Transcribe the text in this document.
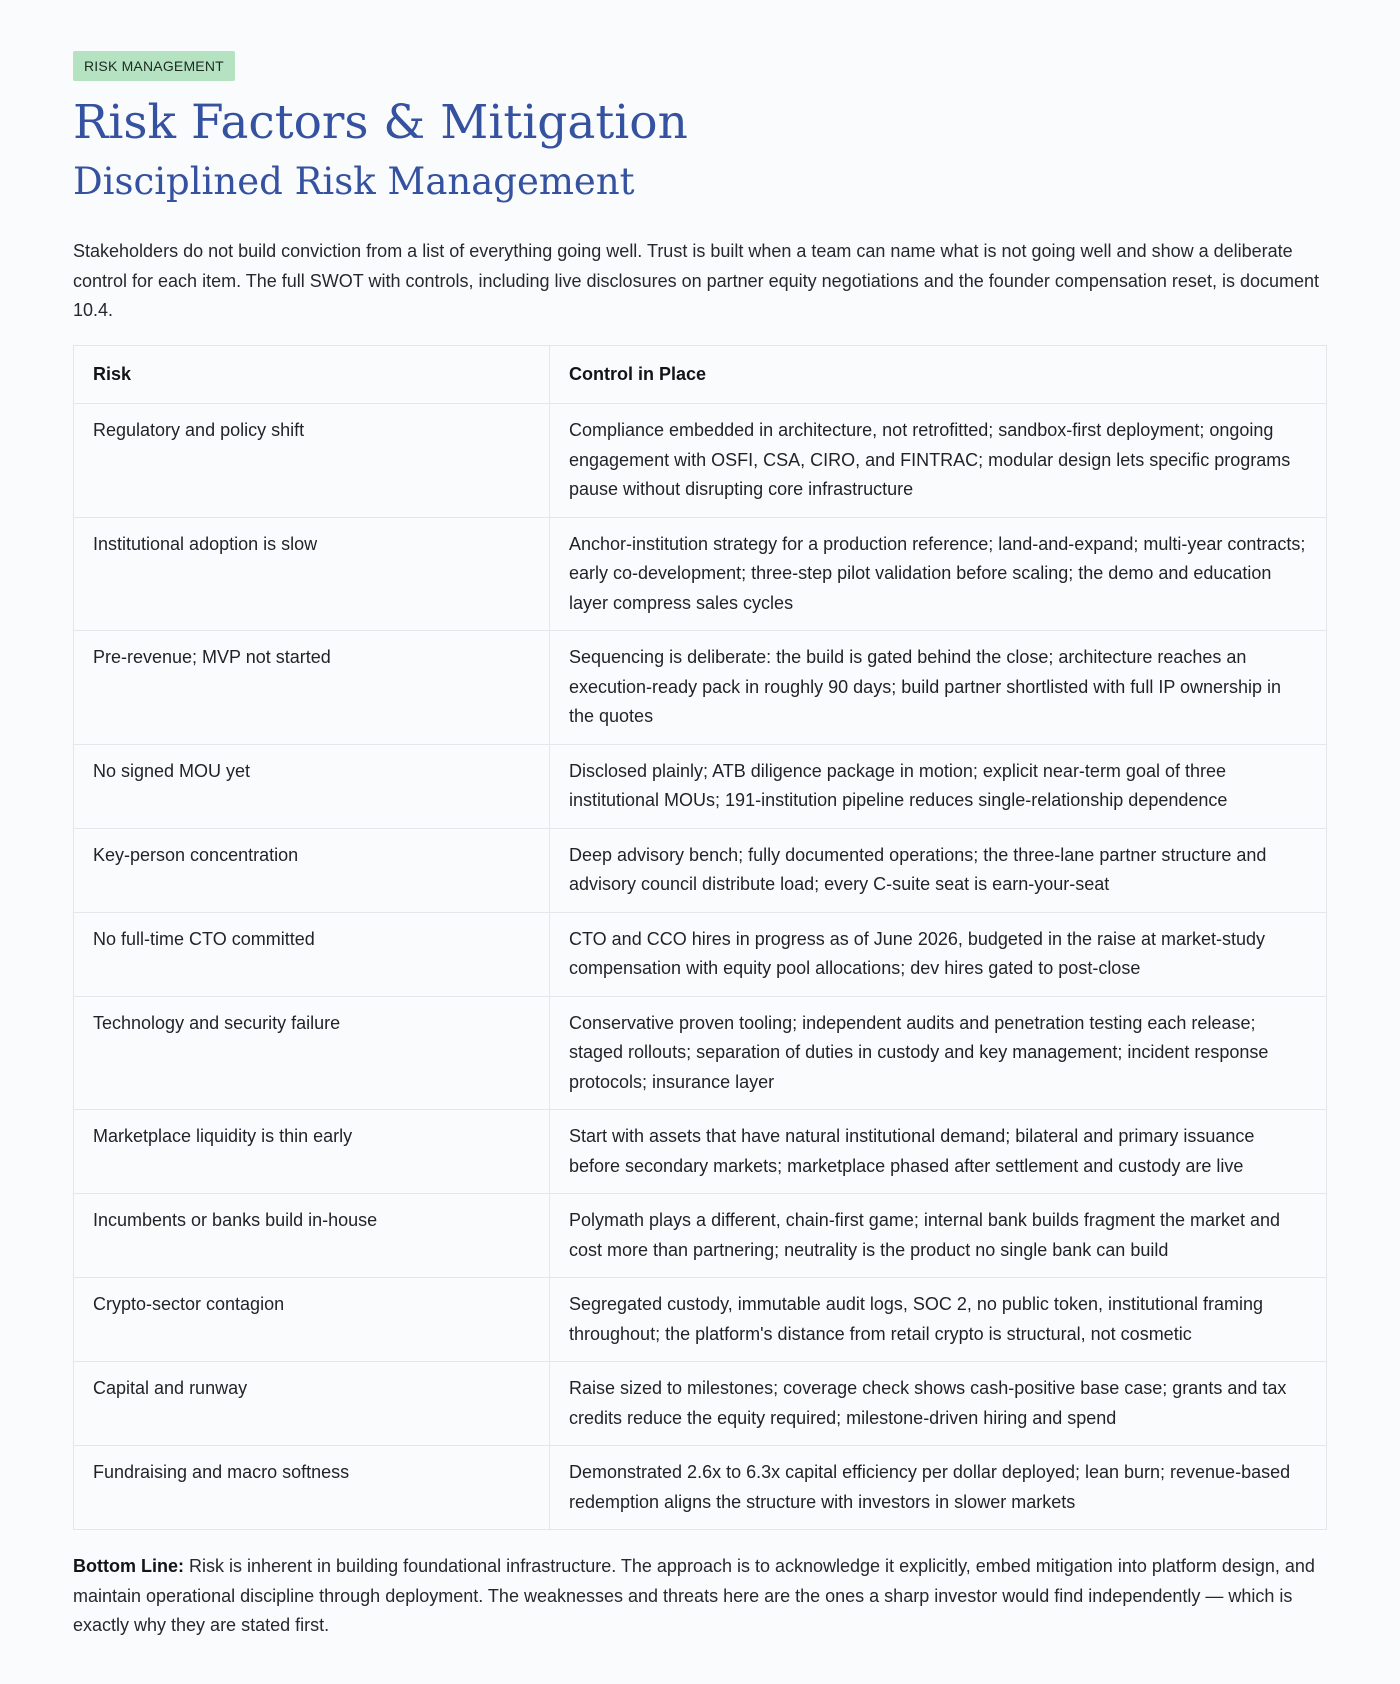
RISK MANAGEMENT
Risk Factors & Mitigation
Disciplined Risk Management

Stakeholders do not build conviction from a list of everything going well. Trust is built when a team can name what is not going well and show a deliberate control for each item. The full SWOT with controls, including live disclosures on partner equity negotiations and the founder compensation reset, is document 10.4.

Risk	Control in Place
Regulatory and policy shift	Compliance embedded in architecture, not retrofitted; sandbox-first deployment; ongoing engagement with OSFI, CSA, CIRO, and FINTRAC; modular design lets specific programs pause without disrupting core infrastructure
Institutional adoption is slow	Anchor-institution strategy for a production reference; land-and-expand; multi-year contracts; early co-development; three-step pilot validation before scaling; the demo and education layer compress sales cycles
Pre-revenue; MVP not started	Sequencing is deliberate: the build is gated behind the close; architecture reaches an execution-ready pack in roughly 90 days; build partner shortlisted with full IP ownership in the quotes
No signed MOU yet	Disclosed plainly; ATB diligence package in motion; explicit near-term goal of three institutional MOUs; 191-institution pipeline reduces single-relationship dependence
Key-person concentration	Deep advisory bench; fully documented operations; the three-lane partner structure and advisory council distribute load; every C-suite seat is earn-your-seat
No full-time CTO committed	CTO and CCO hires in progress as of June 2026, budgeted in the raise at market-study compensation with equity pool allocations; dev hires gated to post-close
Technology and security failure	Conservative proven tooling; independent audits and penetration testing each release; staged rollouts; separation of duties in custody and key management; incident response protocols; insurance layer
Marketplace liquidity is thin early	Start with assets that have natural institutional demand; bilateral and primary issuance before secondary markets; marketplace phased after settlement and custody are live
Incumbents or banks build in-house	Polymath plays a different, chain-first game; internal bank builds fragment the market and cost more than partnering; neutrality is the product no single bank can build
Crypto-sector contagion	Segregated custody, immutable audit logs, SOC 2, no public token, institutional framing throughout; the platform's distance from retail crypto is structural, not cosmetic
Capital and runway	Raise sized to milestones; coverage check shows cash-positive base case; grants and tax credits reduce the equity required; milestone-driven hiring and spend
Fundraising and macro softness	Demonstrated 2.6x to 6.3x capital efficiency per dollar deployed; lean burn; revenue-based redemption aligns the structure with investors in slower markets

Bottom Line: Risk is inherent in building foundational infrastructure. The approach is to acknowledge it explicitly, embed mitigation into platform design, and maintain operational discipline through deployment. The weaknesses and threats here are the ones a sharp investor would find independently — which is exactly why they are stated first.
